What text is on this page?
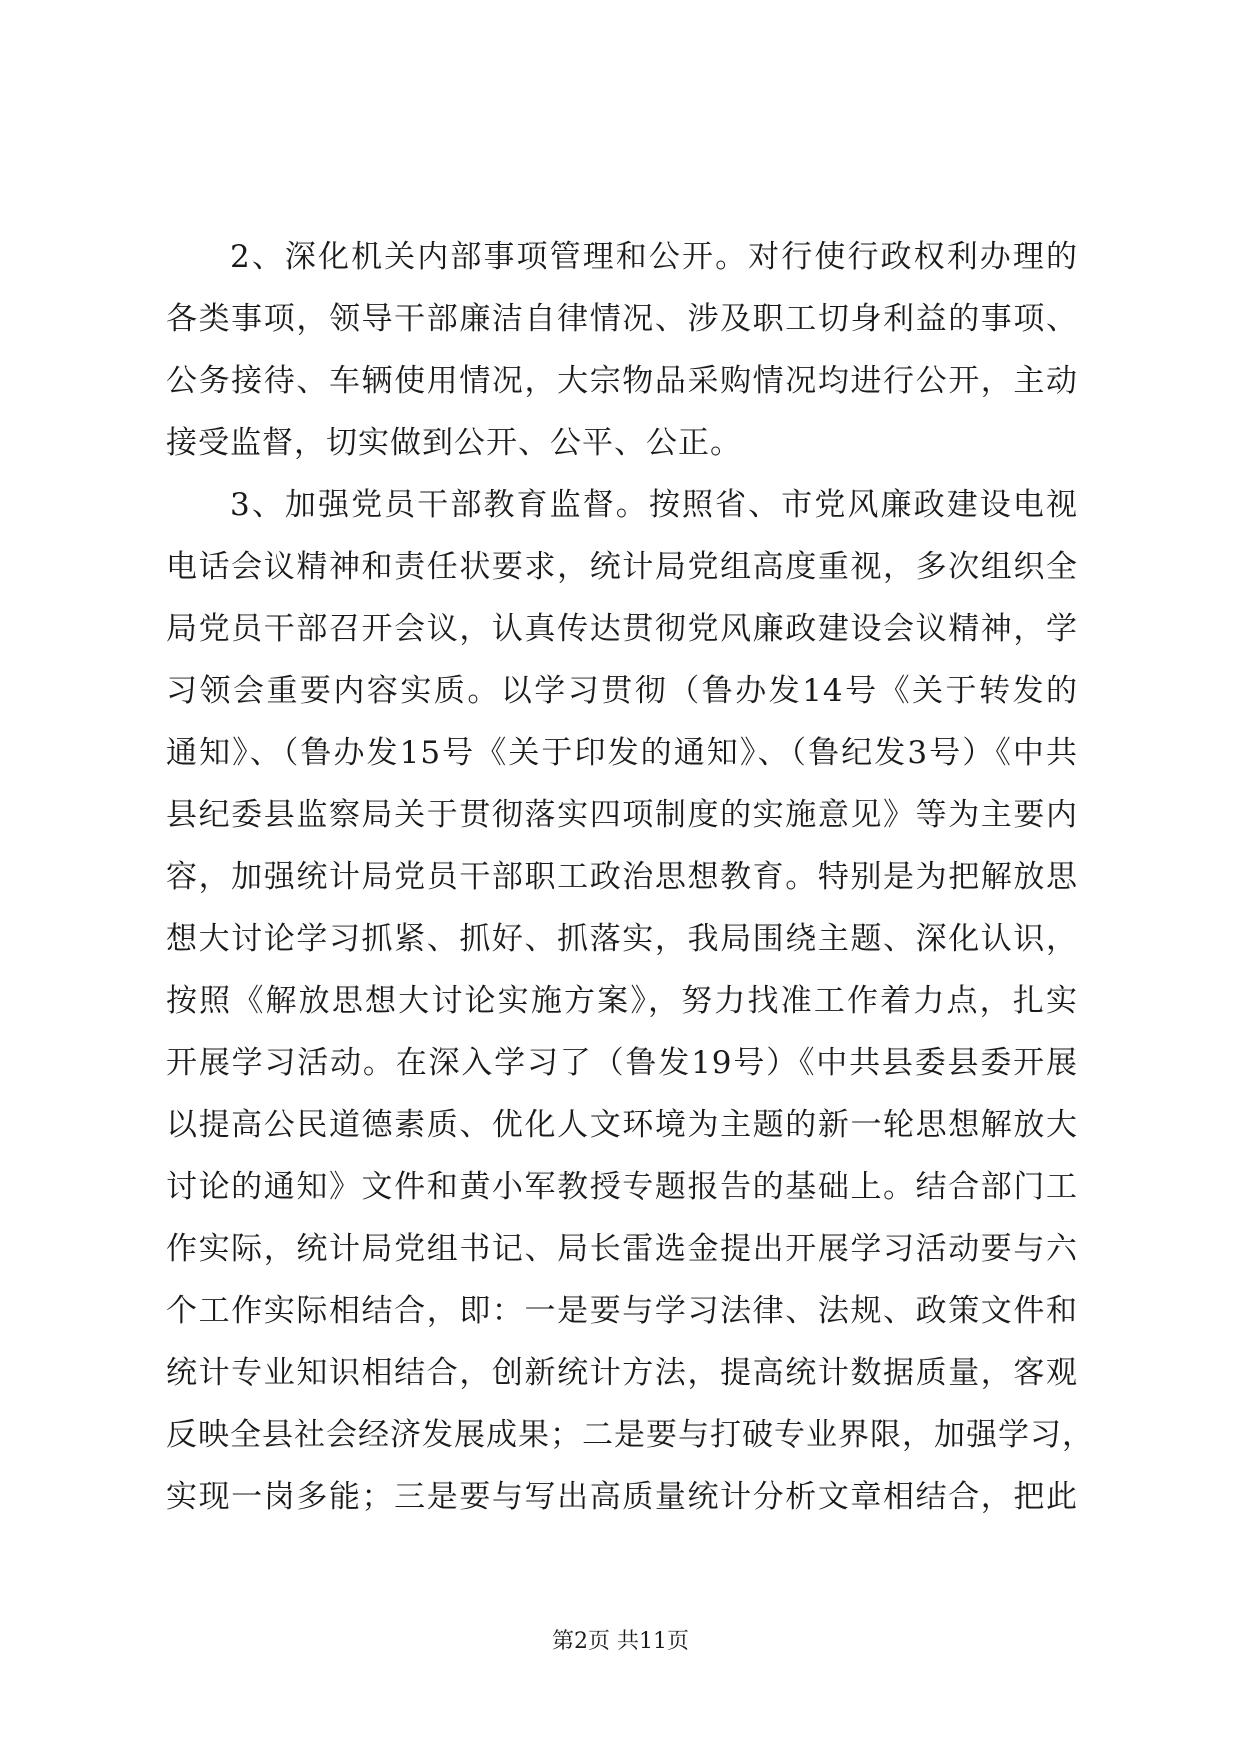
2、深化机关内部事项管理和公开。对行使行政权利办理的
各类事项，领导干部廉洁自律情况、涉及职工切身利益的事项、
公务接待、车辆使用情况，大宗物品采购情况均进行公开，主动
接受监督，切实做到公开、公平、公正。
3、加强党员干部教育监督。按照省、市党风廉政建设电视
电话会议精神和责任状要求，统计局党组高度重视，多次组织全
局党员干部召开会议，认真传达贯彻党风廉政建设会议精神，学
习领会重要内容实质。以学习贯彻（鲁办发14号《关于转发的
通知》、（鲁办发15号《关于印发的通知》、（鲁纪发3号）《中共
县纪委县监察局关于贯彻落实四项制度的实施意见》等为主要内
容，加强统计局党员干部职工政治思想教育。特别是为把解放思
想大讨论学习抓紧、抓好、抓落实，我局围绕主题、深化认识，
按照《解放思想大讨论实施方案》，努力找准工作着力点，扎实
开展学习活动。在深入学习了（鲁发19号）《中共县委县委开展
以提高公民道德素质、优化人文环境为主题的新一轮思想解放大
讨论的通知》文件和黄小军教授专题报告的基础上。结合部门工
作实际，统计局党组书记、局长雷选金提出开展学习活动要与六
个工作实际相结合，即：一是要与学习法律、法规、政策文件和
统计专业知识相结合，创新统计方法，提高统计数据质量，客观
反映全县社会经济发展成果；二是要与打破专业界限，加强学习，
实现一岗多能；三是要与写出高质量统计分析文章相结合，把此
第2页 共11页
